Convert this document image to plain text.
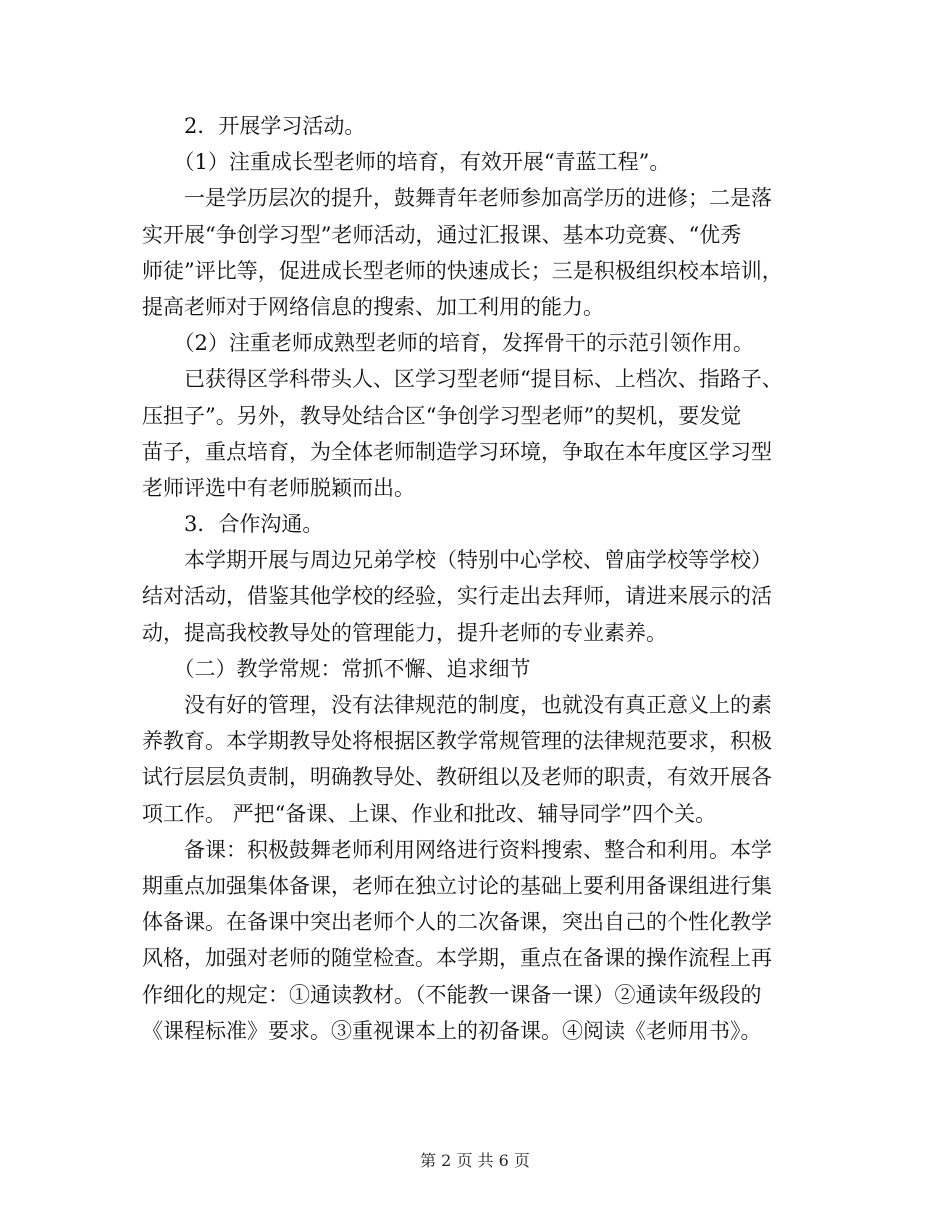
　　2．开展学习活动。
　　（1）注重成长型老师的培育，有效开展“青蓝工程”。
　　一是学历层次的提升，鼓舞青年老师参加高学历的进修；二是落
实开展“争创学习型”老师活动，通过汇报课、基本功竞赛、“优秀
师徒”评比等，促进成长型老师的快速成长；三是积极组织校本培训，
提高老师对于网络信息的搜索、加工利用的能力。
　　（2）注重老师成熟型老师的培育，发挥骨干的示范引领作用。
　　已获得区学科带头人、区学习型老师“提目标、上档次、指路子、
压担子”。另外，教导处结合区“争创学习型老师”的契机，要发觉
苗子，重点培育，为全体老师制造学习环境，争取在本年度区学习型
老师评选中有老师脱颖而出。
　　3．合作沟通。
　　本学期开展与周边兄弟学校（特别中心学校、曾庙学校等学校）
结对活动，借鉴其他学校的经验，实行走出去拜师，请进来展示的活
动，提高我校教导处的管理能力，提升老师的专业素养。
　　（二）教学常规：常抓不懈、追求细节
　　没有好的管理，没有法律规范的制度，也就没有真正意义上的素
养教育。本学期教导处将根据区教学常规管理的法律规范要求，积极
试行层层负责制，明确教导处、教研组以及老师的职责，有效开展各
项工作。 严把“备课、上课、作业和批改、辅导同学”四个关。
　　备课：积极鼓舞老师利用网络进行资料搜索、整合和利用。本学
期重点加强集体备课，老师在独立讨论的基础上要利用备课组进行集
体备课。在备课中突出老师个人的二次备课，突出自己的个性化教学
风格，加强对老师的随堂检查。本学期，重点在备课的操作流程上再
作细化的规定：①通读教材。（不能教一课备一课）②通读年级段的
《课程标准》要求。③重视课本上的初备课。④阅读《老师用书》。
第 2 页 共 6 页
